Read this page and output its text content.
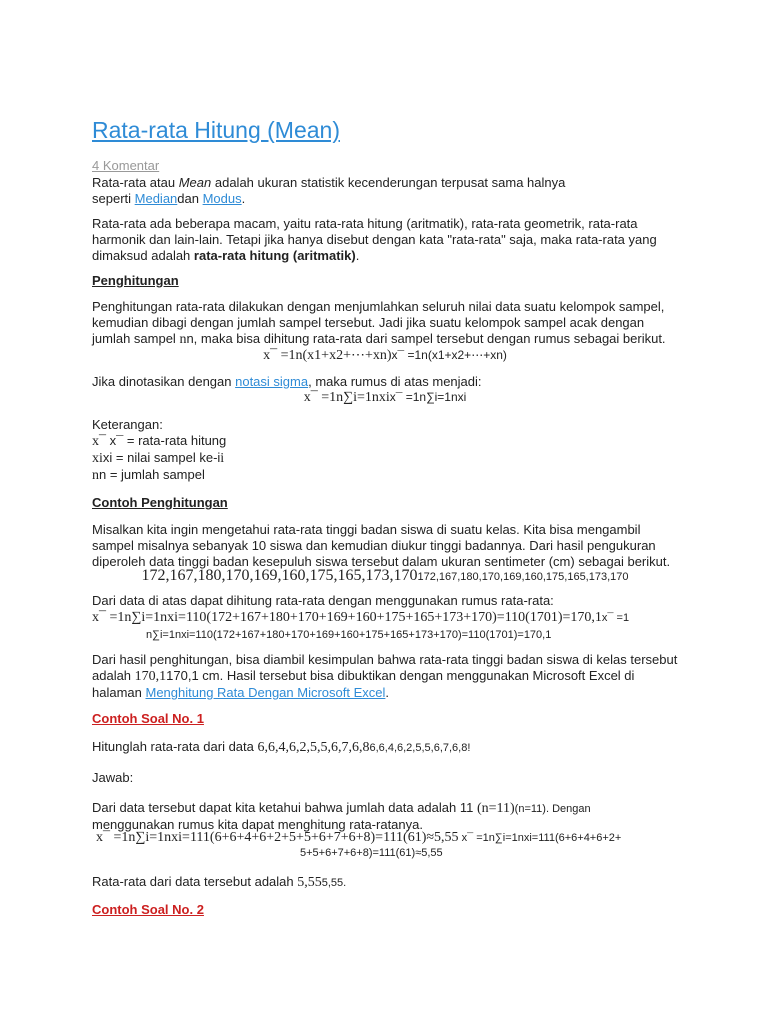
Rata-rata Hitung (Mean)

4 Komentar

Rata-rata atau Mean adalah ukuran statistik kecenderungan terpusat sama halnya
seperti Mediandan Modus.

Rata-rata ada beberapa macam, yaitu rata-rata hitung (aritmatik), rata-rata geometrik, rata-rata
harmonik dan lain-lain. Tetapi jika hanya disebut dengan kata "rata-rata" saja, maka rata-rata yang
dimaksud adalah rata-rata hitung (aritmatik).

Penghitungan

Penghitungan rata-rata dilakukan dengan menjumlahkan seluruh nilai data suatu kelompok sampel,
kemudian dibagi dengan jumlah sampel tersebut. Jadi jika suatu kelompok sampel acak dengan
jumlah sampel nn, maka bisa dihitung rata-rata dari sampel tersebut dengan rumus sebagai berikut.

x¯ =1n(x1+x2+⋯+xn)x¯ =1n(x1+x2+⋯+xn)

Jika dinotasikan dengan notasi sigma, maka rumus di atas menjadi:

x¯ =1n∑i=1nxix¯ =1n∑i=1nxi

Keterangan:
x¯ x¯ = rata-rata hitung
xixi = nilai sampel ke-ii
nn = jumlah sampel

Contoh Penghitungan

Misalkan kita ingin mengetahui rata-rata tinggi badan siswa di suatu kelas. Kita bisa mengambil
sampel misalnya sebanyak 10 siswa dan kemudian diukur tinggi badannya. Dari hasil pengukuran
diperoleh data tinggi badan kesepuluh siswa tersebut dalam ukuran sentimeter (cm) sebagai berikut.

172,167,180,170,169,160,175,165,173,170172,167,180,170,169,160,175,165,173,170

Dari data di atas dapat dihitung rata-rata dengan menggunakan rumus rata-rata:

x¯ =1n∑i=1nxi=110(172+167+180+170+169+160+175+165+173+170)=110(1701)=170,1x¯ =1
n∑i=1nxi=110(172+167+180+170+169+160+175+165+173+170)=110(1701)=170,1

Dari hasil penghitungan, bisa diambil kesimpulan bahwa rata-rata tinggi badan siswa di kelas tersebut
adalah 170,1170,1 cm. Hasil tersebut bisa dibuktikan dengan menggunakan Microsoft Excel di
halaman Menghitung Rata Dengan Microsoft Excel.

Contoh Soal No. 1

Hitunglah rata-rata dari data 6,6,4,6,2,5,5,6,7,6,86,6,4,6,2,5,5,6,7,6,8!

Jawab:

Dari data tersebut dapat kita ketahui bahwa jumlah data adalah 11 (n=11)(n=11). Dengan
menggunakan rumus kita dapat menghitung rata-ratanya.

x¯ =1n∑i=1nxi=111(6+6+4+6+2+5+5+6+7+6+8)=111(61)≈5,55 x¯ =1n∑i=1nxi=111(6+6+4+6+2+
5+5+6+7+6+8)=111(61)≈5,55

Rata-rata dari data tersebut adalah 5,555,55.

Contoh Soal No. 2
